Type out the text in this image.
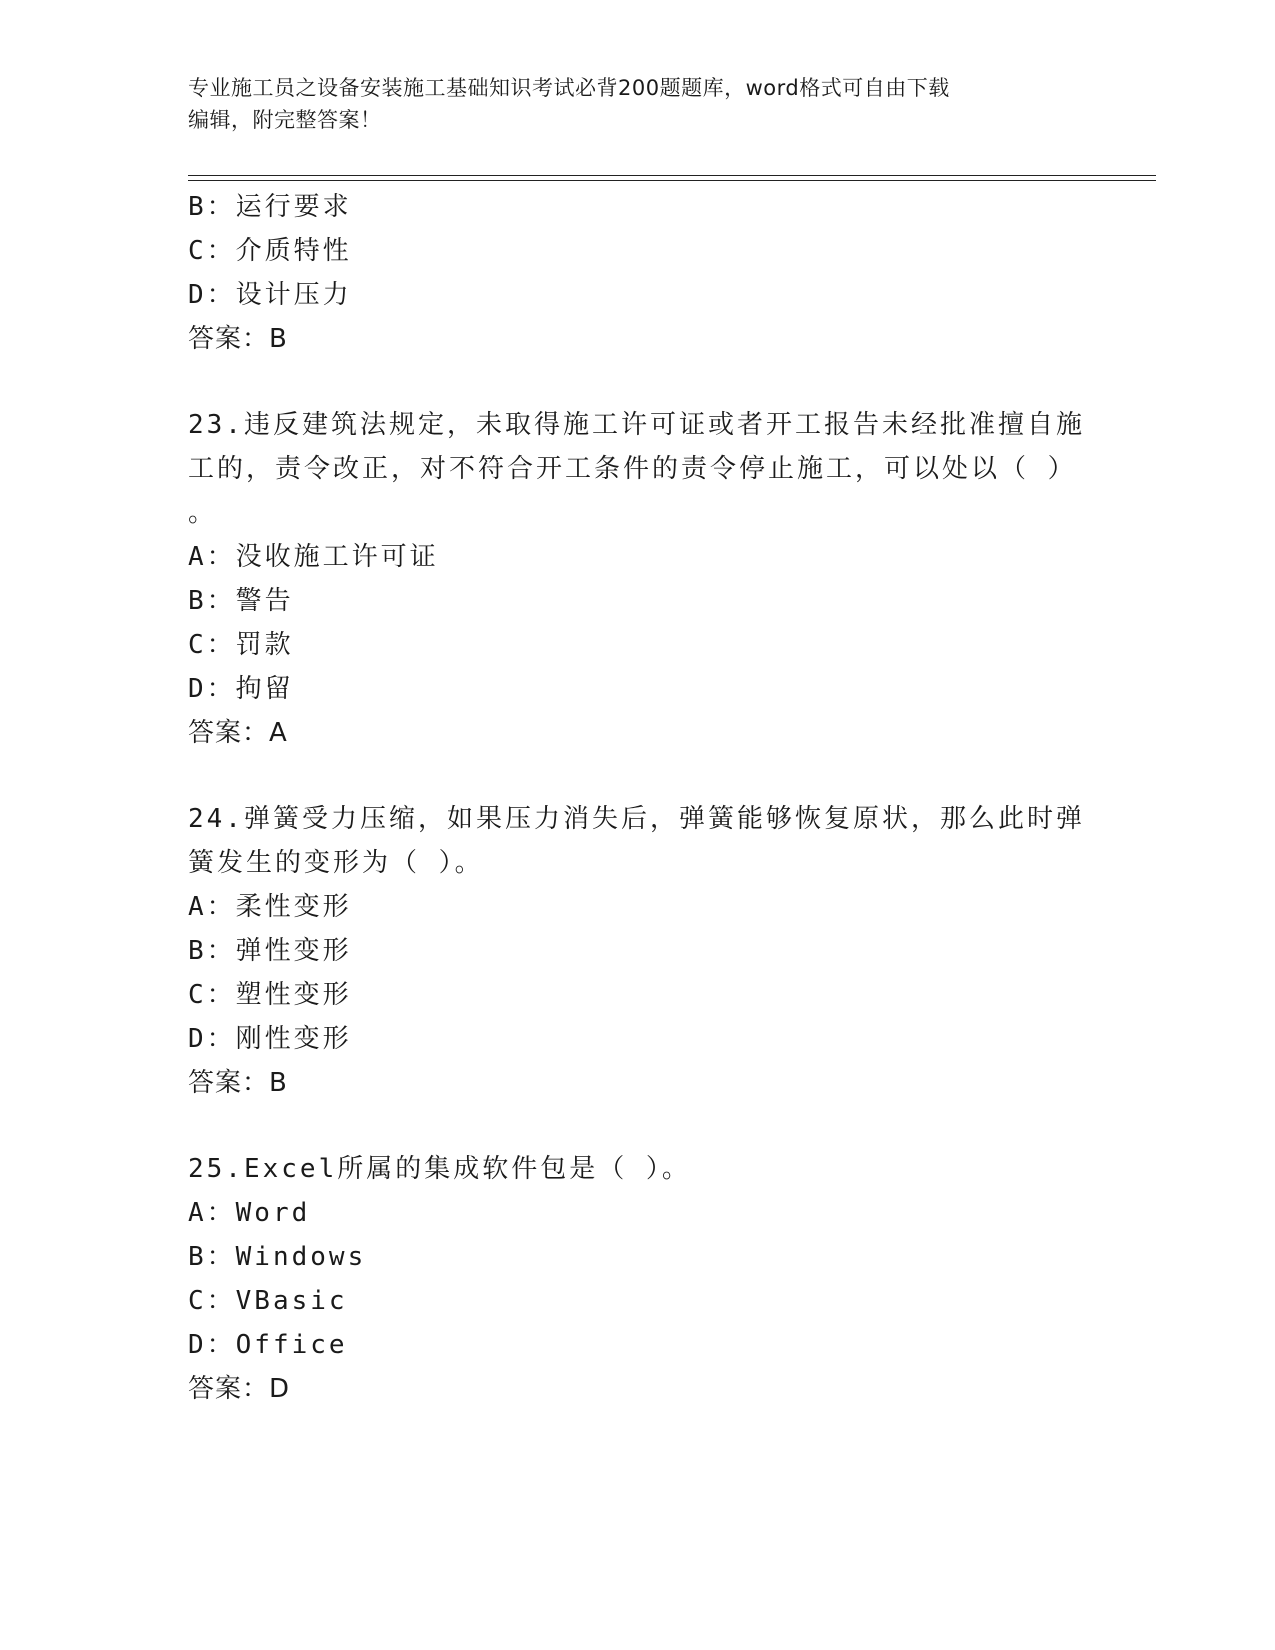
专业施工员之设备安装施工基础知识考试必背200题题库，word格式可自由下载
编辑，附完整答案！
B：运行要求
C：介质特性
D：设计压力
答案：B
23.违反建筑法规定，未取得施工许可证或者开工报告未经批准擅自施
工的，责令改正，对不符合开工条件的责令停止施工，可以处以（ ）
。
A：没收施工许可证
B：警告
C：罚款
D：拘留
答案：A
24.弹簧受力压缩，如果压力消失后，弹簧能够恢复原状，那么此时弹
簧发生的变形为（ ）。
A：柔性变形
B：弹性变形
C：塑性变形
D：刚性变形
答案：B
25.Excel所属的集成软件包是（ ）。
A：Word
B：Windows
C：VBasic
D：Office
答案：D
